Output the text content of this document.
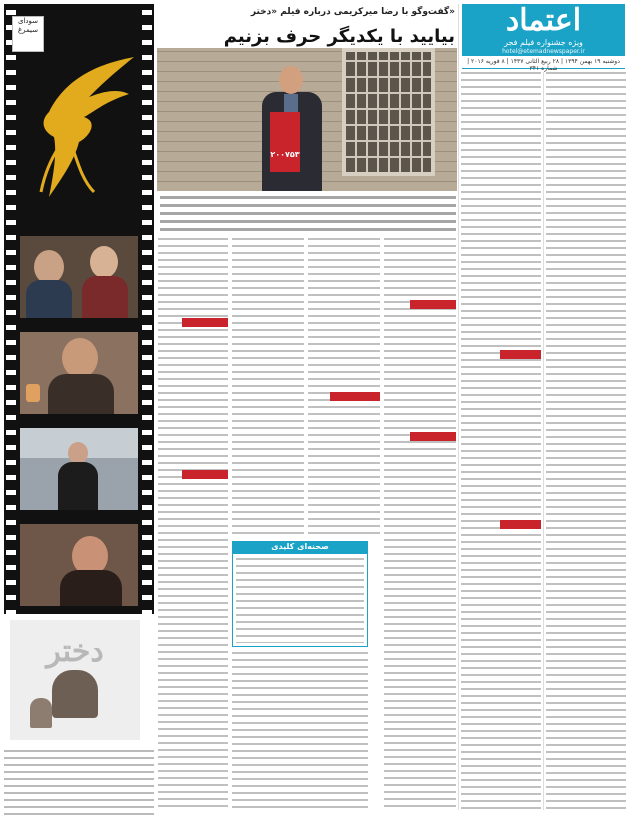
اعتماد
ویژه جشنواره فیلم فجر
hotel@etemadnewspaper.ir
دوشنبه ۱۹ بهمن ۱۳۹۴ | ۲۸ ربیع الثانی ۱۴۳۷ | ۸ فوریه ۲۰۱۶ | شماره ۳۴۱
گفت‌وگو با رضا میرکریمی درباره فیلم «دختر»
بیایید با یکدیگر حرف بزنیم
۲۰۰۷۵۳
سودای
سیمرغ
دختر
صحنه‌ای کلیدی
